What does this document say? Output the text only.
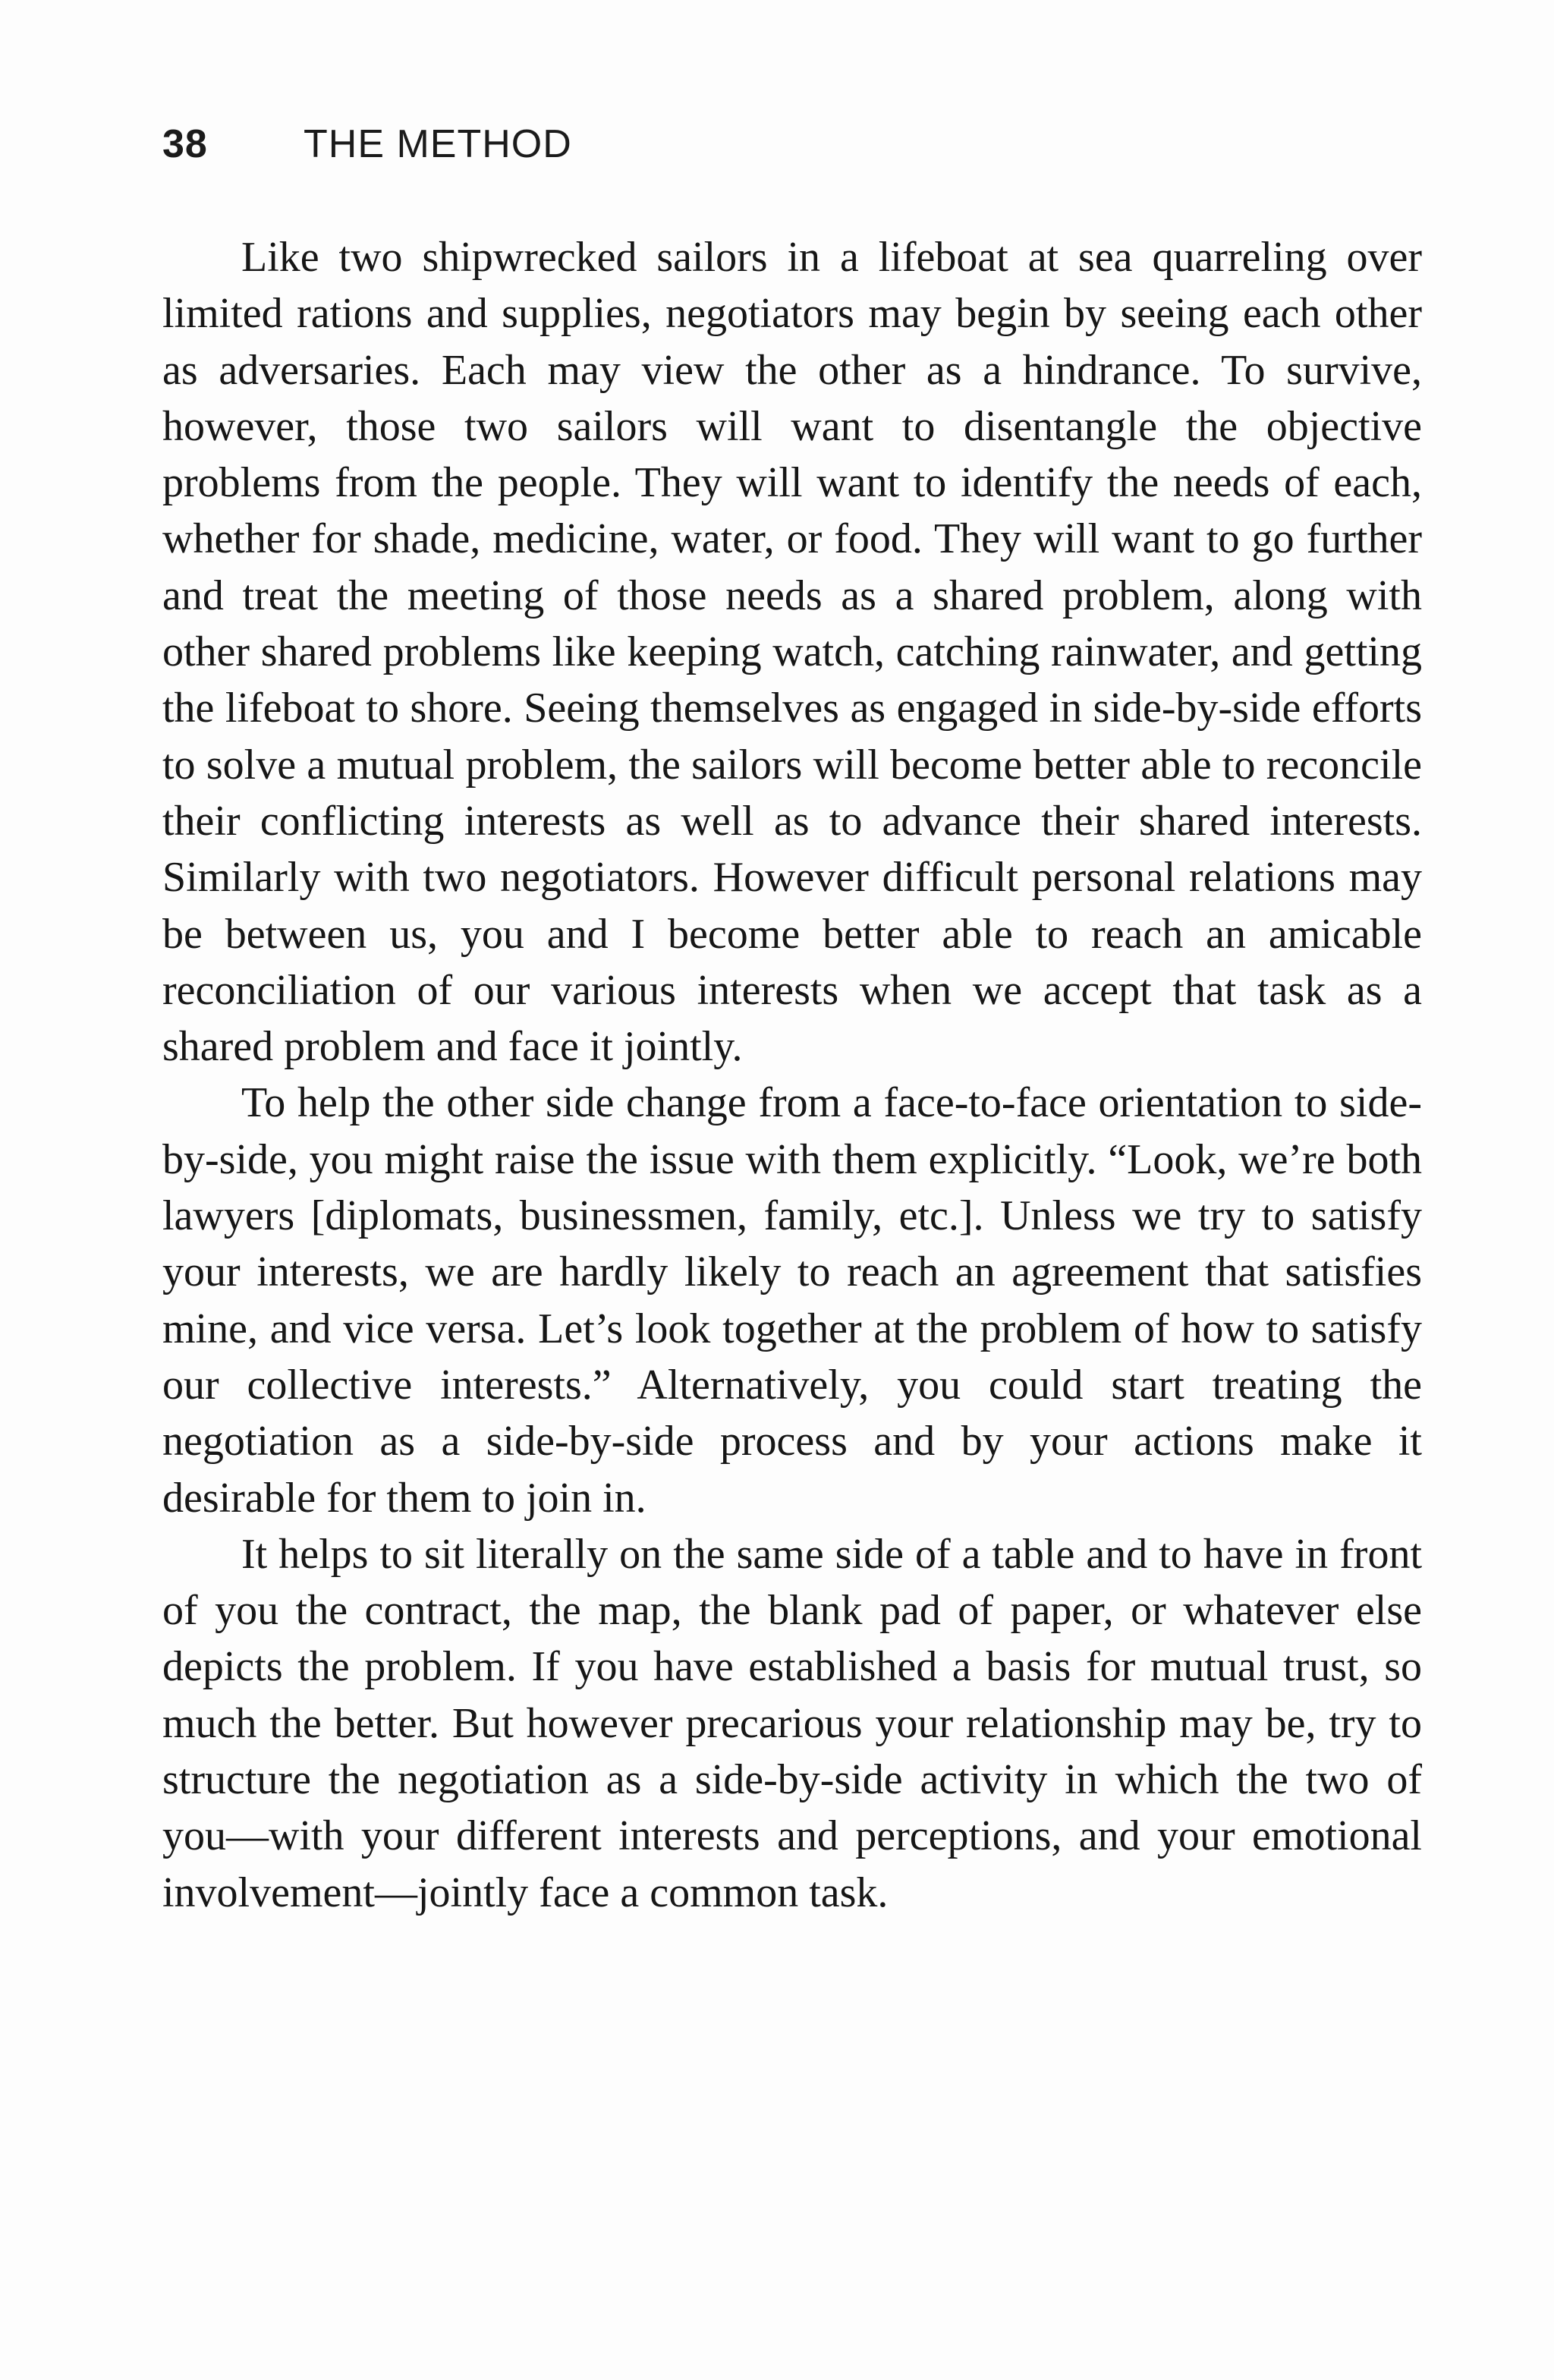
38	THE METHOD

Like two shipwrecked sailors in a lifeboat at sea quarreling over limited rations and supplies, negotiators may begin by seeing each other as adversaries. Each may view the other as a hindrance. To survive, however, those two sailors will want to disentangle the objective problems from the people. They will want to identify the needs of each, whether for shade, medicine, water, or food. They will want to go further and treat the meeting of those needs as a shared problem, along with other shared problems like keeping watch, catching rainwater, and getting the lifeboat to shore. Seeing themselves as engaged in side-by-side efforts to solve a mutual problem, the sailors will become better able to reconcile their conflicting interests as well as to advance their shared interests. Similarly with two negotiators. However difficult personal relations may be between us, you and I become better able to reach an amicable reconciliation of our various interests when we accept that task as a shared problem and face it jointly.

To help the other side change from a face-to-face orientation to side-by-side, you might raise the issue with them explicitly. “Look, we’re both lawyers [diplomats, businessmen, family, etc.]. Unless we try to satisfy your interests, we are hardly likely to reach an agreement that satisfies mine, and vice versa. Let’s look together at the problem of how to satisfy our collective interests.” Alternatively, you could start treating the negotiation as a side-by-side process and by your actions make it desirable for them to join in.

It helps to sit literally on the same side of a table and to have in front of you the contract, the map, the blank pad of paper, or whatever else depicts the problem. If you have established a basis for mutual trust, so much the better. But however precarious your relationship may be, try to structure the negotiation as a side-by-side activity in which the two of you—with your different interests and perceptions, and your emotional involvement—jointly face a common task.
